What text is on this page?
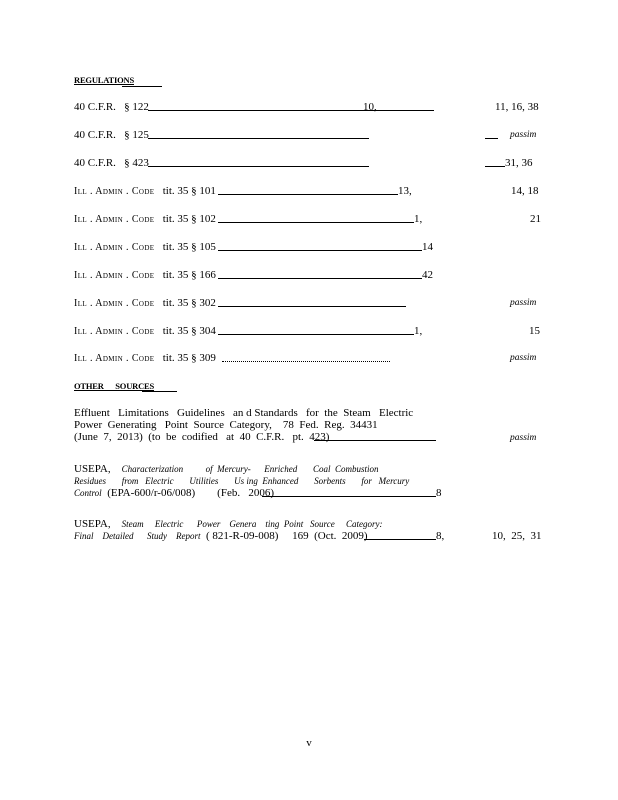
REGULATIONS
40 C.F.R. § 122	10,	11, 16, 38
40 C.F.R. § 125	passim
40 C.F.R. § 423	31, 36
Ill . Admin . Code tit. 35 § 101	13,	14, 18
Ill . Admin . Code tit. 35 § 102	1,	21
Ill . Admin . Code tit. 35 § 105	14
Ill . Admin . Code tit. 35 § 166	42
Ill . Admin . Code tit. 35 § 302	passim
Ill . Admin . Code tit. 35 § 304	1,	15
Ill . Admin . Code tit. 35 § 309	passim
OTHER      SOURCES
Effluent   Limitations   Guidelines   an d Standards   for  the  Steam   Electric
Power  Generating   Point  Source  Category,    78  Fed.  Reg.  34431
(June  7,  2013)  (to  be  codified   at  40  C.F.R.   pt.  423)	passim
USEPA, Characterization          of  Mercury-      Enriched       Coal  Combustion
Residues       from   Electric       Utilities       Us ing  Enhanced       Sorbents       for   Mercury
Control  (EPA-600/r-06/008)        (Feb.   2006)	8
USEPA, Steam     Electric      Power    Genera    ting  Point   Source     Category:
Final    Detailed      Study    Report  ( 821-R-09-008)     169  (Oct.  2009)	8,	10,  25,  31
v
